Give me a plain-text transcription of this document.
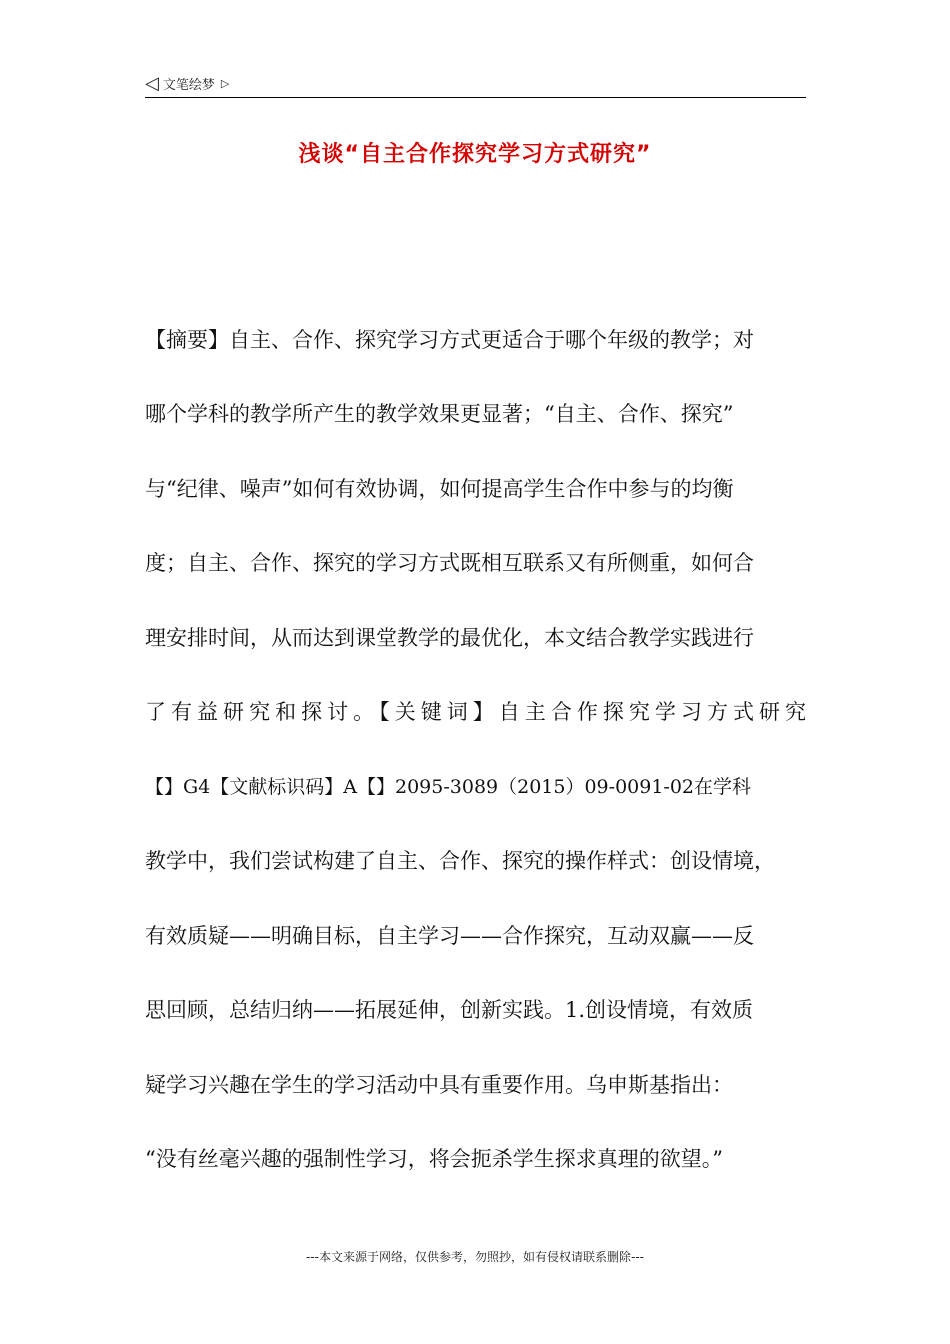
◁ 文笔绘梦 ▷
浅谈“自主合作探究学习方式研究”
【摘要】自主、合作、探究学习方式更适合于哪个年级的教学；对
哪个学科的教学所产生的教学效果更显著；“自主、合作、探究”
与“纪律、噪声”如何有效协调，如何提高学生合作中参与的均衡
度；自主、合作、探究的学习方式既相互联系又有所侧重，如何合
理安排时间，从而达到课堂教学的最优化，本文结合教学实践进行
了有益研究和探讨。【关键词】自主合作探究学习方式研究
【】G4【文献标识码】A【】2095-3089（2015）09-0091-02在学科
教学中，我们尝试构建了自主、合作、探究的操作样式：创设情境，
有效质疑——明确目标，自主学习——合作探究，互动双赢——反
思回顾，总结归纳——拓展延伸，创新实践。1.创设情境，有效质
疑学习兴趣在学生的学习活动中具有重要作用。乌申斯基指出：
“没有丝毫兴趣的强制性学习，将会扼杀学生探求真理的欲望。”
---本文来源于网络，仅供参考，勿照抄，如有侵权请联系删除---
